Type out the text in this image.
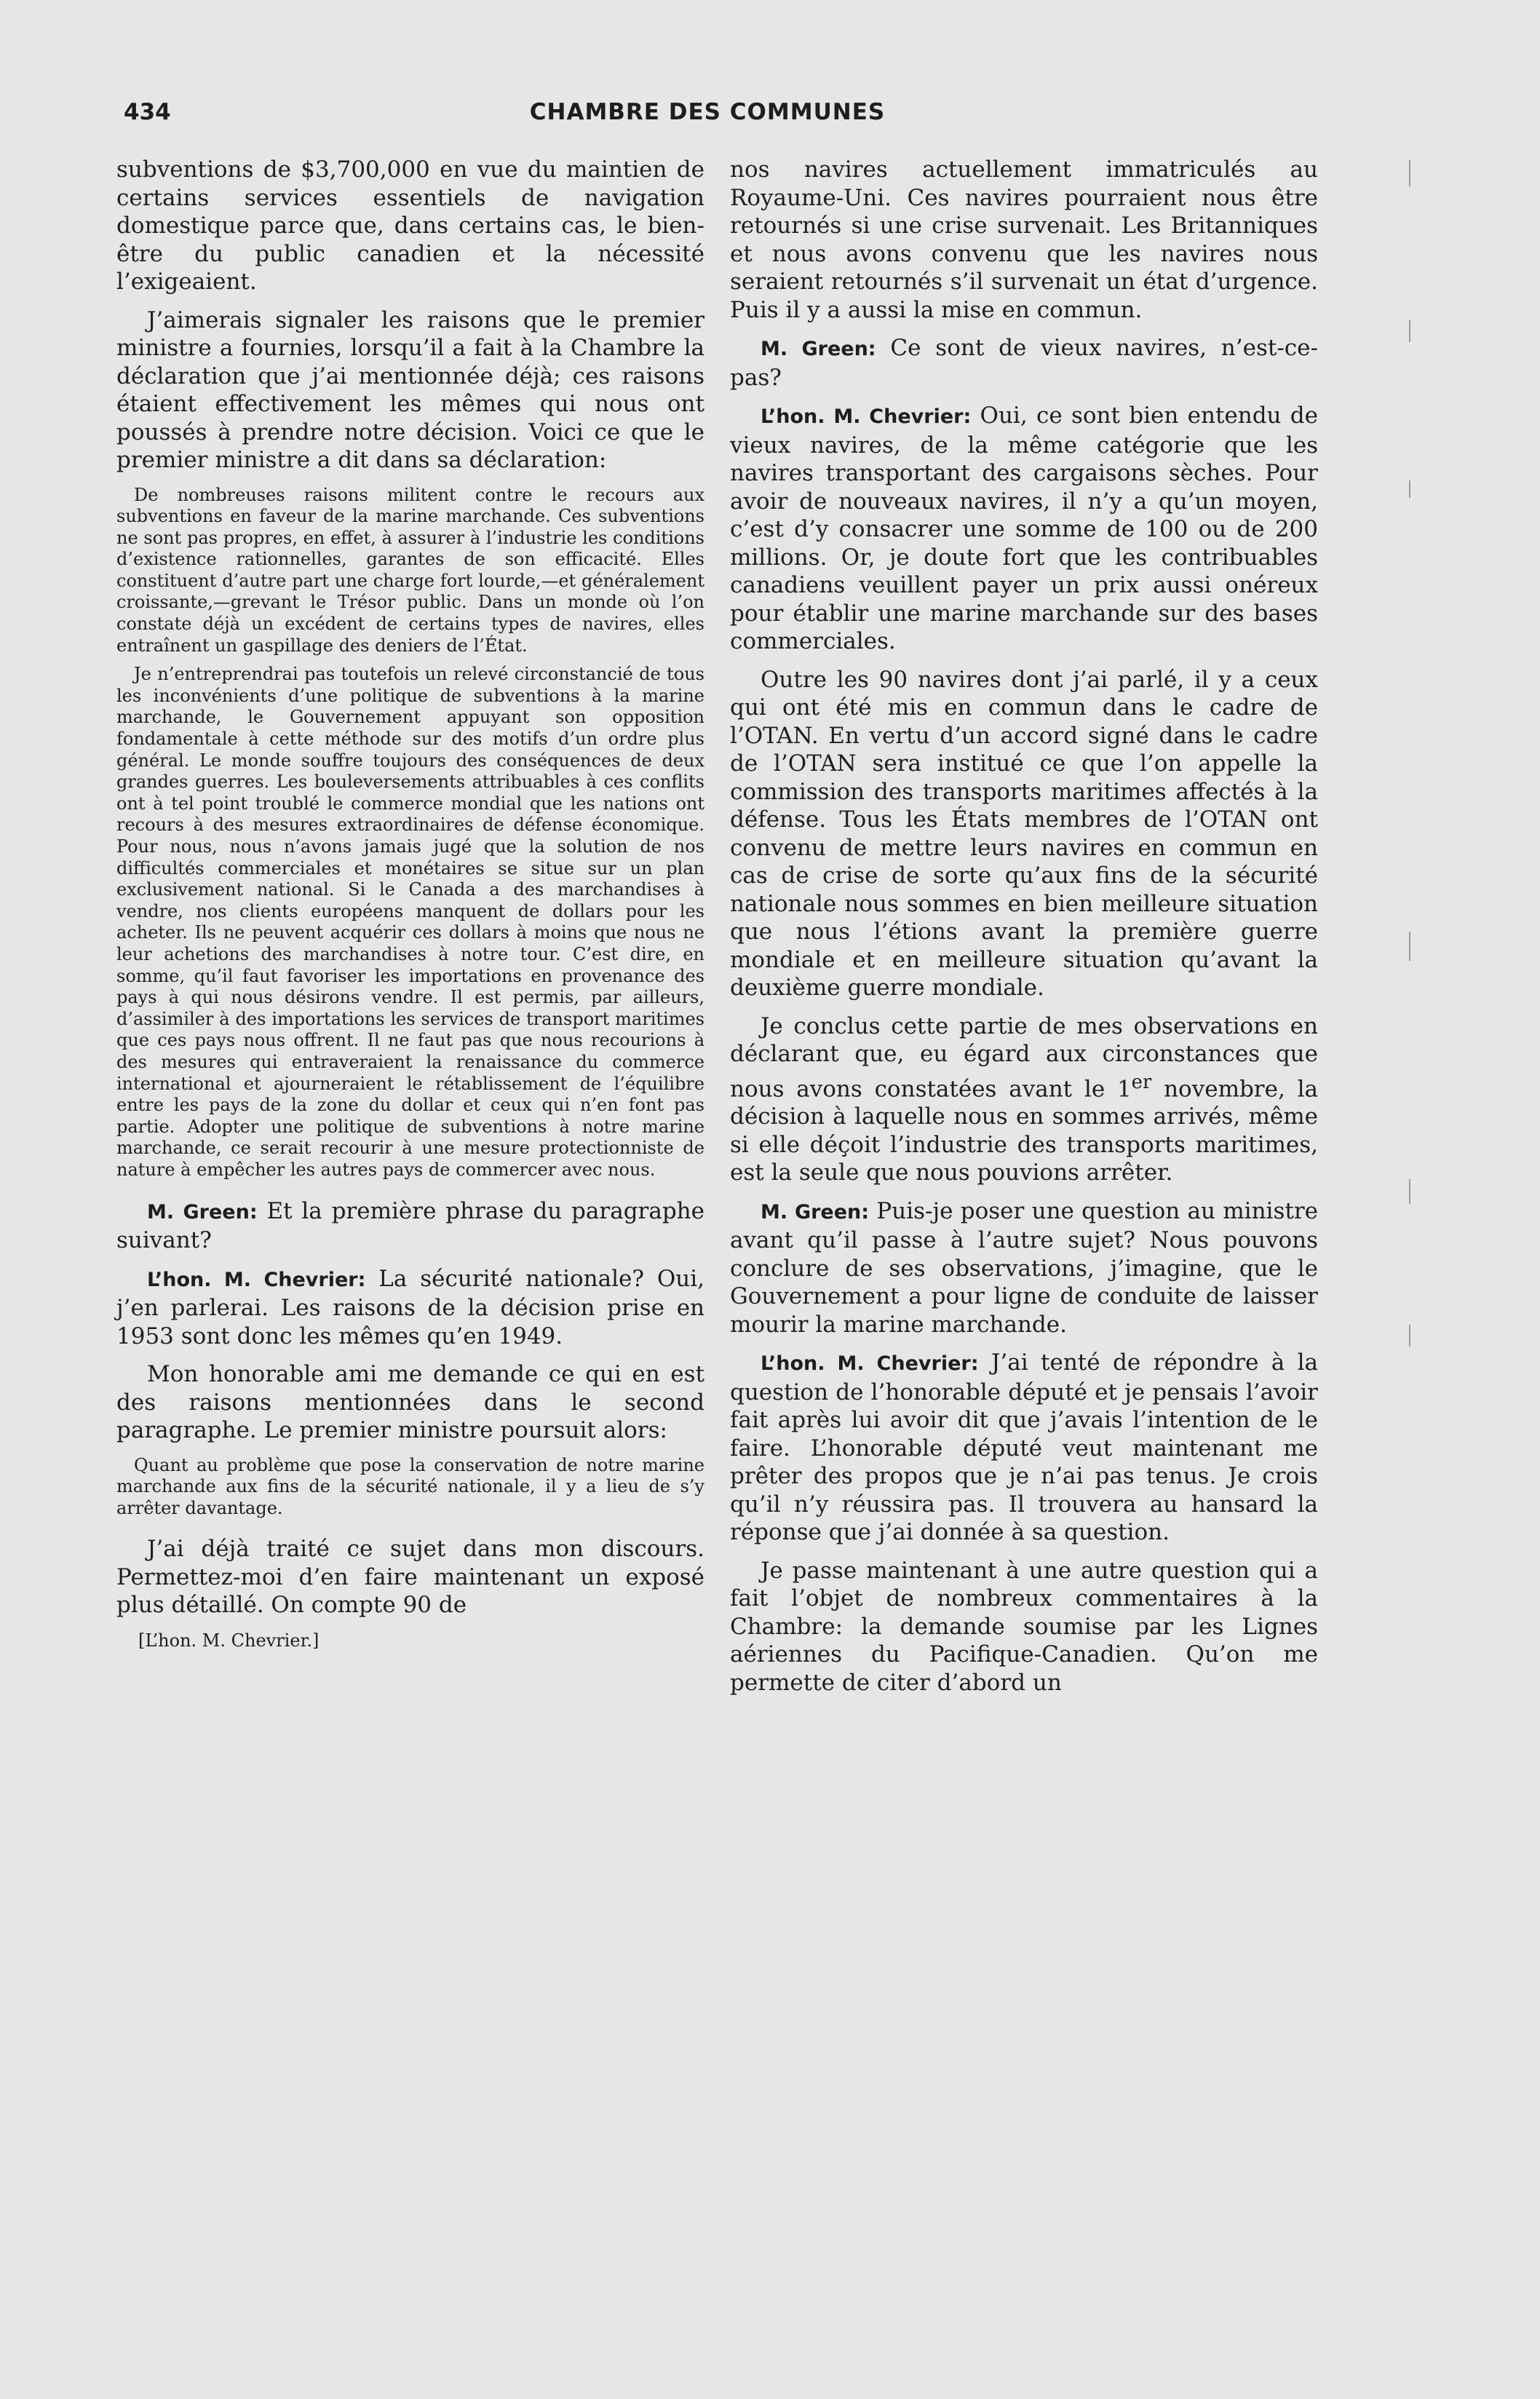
434	CHAMBRE DES COMMUNES

subventions de $3,700,000 en vue du maintien de certains services essentiels de navigation domestique parce que, dans certains cas, le bien-être du public canadien et la nécessité l’exigeaient.

J’aimerais signaler les raisons que le premier ministre a fournies, lorsqu’il a fait à la Chambre la déclaration que j’ai mentionnée déjà; ces raisons étaient effectivement les mêmes qui nous ont poussés à prendre notre décision. Voici ce que le premier ministre a dit dans sa déclaration:

De nombreuses raisons militent contre le recours aux subventions en faveur de la marine marchande. Ces subventions ne sont pas propres, en effet, à assurer à l’industrie les conditions d’existence rationnelles, garantes de son efficacité. Elles constituent d’autre part une charge fort lourde,—et généralement croissante,—grevant le Trésor public. Dans un monde où l’on constate déjà un excédent de certains types de navires, elles entraînent un gaspillage des deniers de l’État.

Je n’entreprendrai pas toutefois un relevé circonstancié de tous les inconvénients d’une politique de subventions à la marine marchande, le Gouvernement appuyant son opposition fondamentale à cette méthode sur des motifs d’un ordre plus général. Le monde souffre toujours des conséquences de deux grandes guerres. Les bouleversements attribuables à ces conflits ont à tel point troublé le commerce mondial que les nations ont recours à des mesures extraordinaires de défense économique. Pour nous, nous n’avons jamais jugé que la solution de nos difficultés commerciales et monétaires se situe sur un plan exclusivement national. Si le Canada a des marchandises à vendre, nos clients européens manquent de dollars pour les acheter. Ils ne peuvent acquérir ces dollars à moins que nous ne leur achetions des marchandises à notre tour. C’est dire, en somme, qu’il faut favoriser les importations en provenance des pays à qui nous désirons vendre. Il est permis, par ailleurs, d’assimiler à des importations les services de transport maritimes que ces pays nous offrent. Il ne faut pas que nous recourions à des mesures qui entraveraient la renaissance du commerce international et ajourneraient le rétablissement de l’équilibre entre les pays de la zone du dollar et ceux qui n’en font pas partie. Adopter une politique de subventions à notre marine marchande, ce serait recourir à une mesure protectionniste de nature à empêcher les autres pays de commercer avec nous.

M. Green: Et la première phrase du paragraphe suivant?

L’hon. M. Chevrier: La sécurité nationale? Oui, j’en parlerai. Les raisons de la décision prise en 1953 sont donc les mêmes qu’en 1949.

Mon honorable ami me demande ce qui en est des raisons mentionnées dans le second paragraphe. Le premier ministre poursuit alors:

Quant au problème que pose la conservation de notre marine marchande aux fins de la sécurité nationale, il y a lieu de s’y arrêter davantage.

J’ai déjà traité ce sujet dans mon discours. Permettez-moi d’en faire maintenant un exposé plus détaillé. On compte 90 de

[L’hon. M. Chevrier.]

nos navires actuellement immatriculés au Royaume-Uni. Ces navires pourraient nous être retournés si une crise survenait. Les Britanniques et nous avons convenu que les navires nous seraient retournés s’il survenait un état d’urgence. Puis il y a aussi la mise en commun.

M. Green: Ce sont de vieux navires, n’est-ce-pas?

L’hon. M. Chevrier: Oui, ce sont bien entendu de vieux navires, de la même catégorie que les navires transportant des cargaisons sèches. Pour avoir de nouveaux navires, il n’y a qu’un moyen, c’est d’y consacrer une somme de 100 ou de 200 millions. Or, je doute fort que les contribuables canadiens veuillent payer un prix aussi onéreux pour établir une marine marchande sur des bases commerciales.

Outre les 90 navires dont j’ai parlé, il y a ceux qui ont été mis en commun dans le cadre de l’OTAN. En vertu d’un accord signé dans le cadre de l’OTAN sera institué ce que l’on appelle la commission des transports maritimes affectés à la défense. Tous les États membres de l’OTAN ont convenu de mettre leurs navires en commun en cas de crise de sorte qu’aux fins de la sécurité nationale nous sommes en bien meilleure situation que nous l’étions avant la première guerre mondiale et en meilleure situation qu’avant la deuxième guerre mondiale.

Je conclus cette partie de mes observations en déclarant que, eu égard aux circonstances que nous avons constatées avant le 1er novembre, la décision à laquelle nous en sommes arrivés, même si elle déçoit l’industrie des transports maritimes, est la seule que nous pouvions arrêter.

M. Green: Puis-je poser une question au ministre avant qu’il passe à l’autre sujet? Nous pouvons conclure de ses observations, j’imagine, que le Gouvernement a pour ligne de conduite de laisser mourir la marine marchande.

L’hon. M. Chevrier: J’ai tenté de répondre à la question de l’honorable député et je pensais l’avoir fait après lui avoir dit que j’avais l’intention de le faire. L’honorable député veut maintenant me prêter des propos que je n’ai pas tenus. Je crois qu’il n’y réussira pas. Il trouvera au hansard la réponse que j’ai donnée à sa question.

Je passe maintenant à une autre question qui a fait l’objet de nombreux commentaires à la Chambre: la demande soumise par les Lignes aériennes du Pacifique-Canadien. Qu’on me permette de citer d’abord un
